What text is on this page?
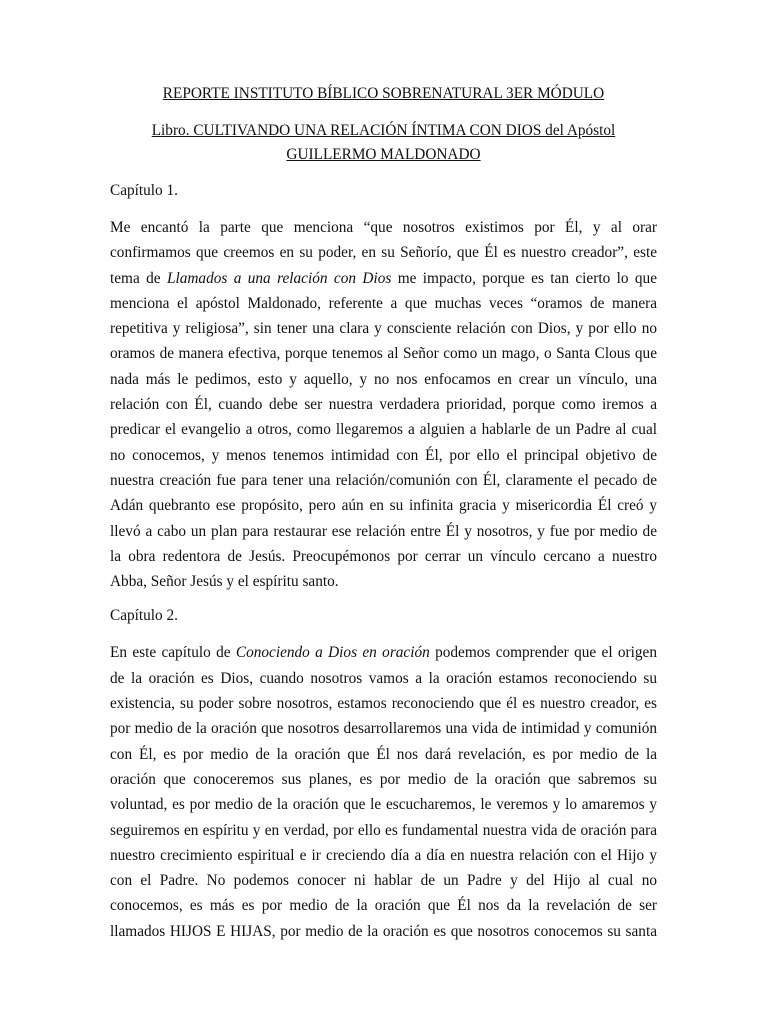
REPORTE INSTITUTO BÍBLICO SOBRENATURAL 3ER MÓDULO
Libro. CULTIVANDO UNA RELACIÓN ÍNTIMA CON DIOS del Apóstol
GUILLERMO MALDONADO
Capítulo 1.
Me encantó la parte que menciona “que nosotros existimos por Él, y al orar
confirmamos que creemos en su poder, en su Señorío, que Él es nuestro creador”, este
tema de Llamados a una relación con Dios me impacto, porque es tan cierto lo que
menciona el apóstol Maldonado, referente a que muchas veces “oramos de manera
repetitiva y religiosa”, sin tener una clara y consciente relación con Dios, y por ello no
oramos de manera efectiva, porque tenemos al Señor como un mago, o Santa Clous que
nada más le pedimos, esto y aquello, y no nos enfocamos en crear un vínculo, una
relación con Él, cuando debe ser nuestra verdadera prioridad, porque como iremos a
predicar el evangelio a otros, como llegaremos a alguien a hablarle de un Padre al cual
no conocemos, y menos tenemos intimidad con Él, por ello el principal objetivo de
nuestra creación fue para tener una relación/comunión con Él, claramente el pecado de
Adán quebranto ese propósito, pero aún en su infinita gracia y misericordia Él creó y
llevó a cabo un plan para restaurar ese relación entre Él y nosotros, y fue por medio de
la obra redentora de Jesús. Preocupémonos por cerrar un vínculo cercano a nuestro
Abba, Señor Jesús y el espíritu santo.
Capítulo 2.
En este capítulo de Conociendo a Dios en oración podemos comprender que el origen
de la oración es Dios, cuando nosotros vamos a la oración estamos reconociendo su
existencia, su poder sobre nosotros, estamos reconociendo que él es nuestro creador, es
por medio de la oración que nosotros desarrollaremos una vida de intimidad y comunión
con Él, es por medio de la oración que Él nos dará revelación, es por medio de la
oración que conoceremos sus planes, es por medio de la oración que sabremos su
voluntad, es por medio de la oración que le escucharemos, le veremos y lo amaremos y
seguiremos en espíritu y en verdad, por ello es fundamental nuestra vida de oración para
nuestro crecimiento espiritual e ir creciendo día a día en nuestra relación con el Hijo y
con el Padre. No podemos conocer ni hablar de un Padre y del Hijo al cual no
conocemos, es más es por medio de la oración que Él nos da la revelación de ser
llamados HIJOS E HIJAS, por medio de la oración es que nosotros conocemos su santa
